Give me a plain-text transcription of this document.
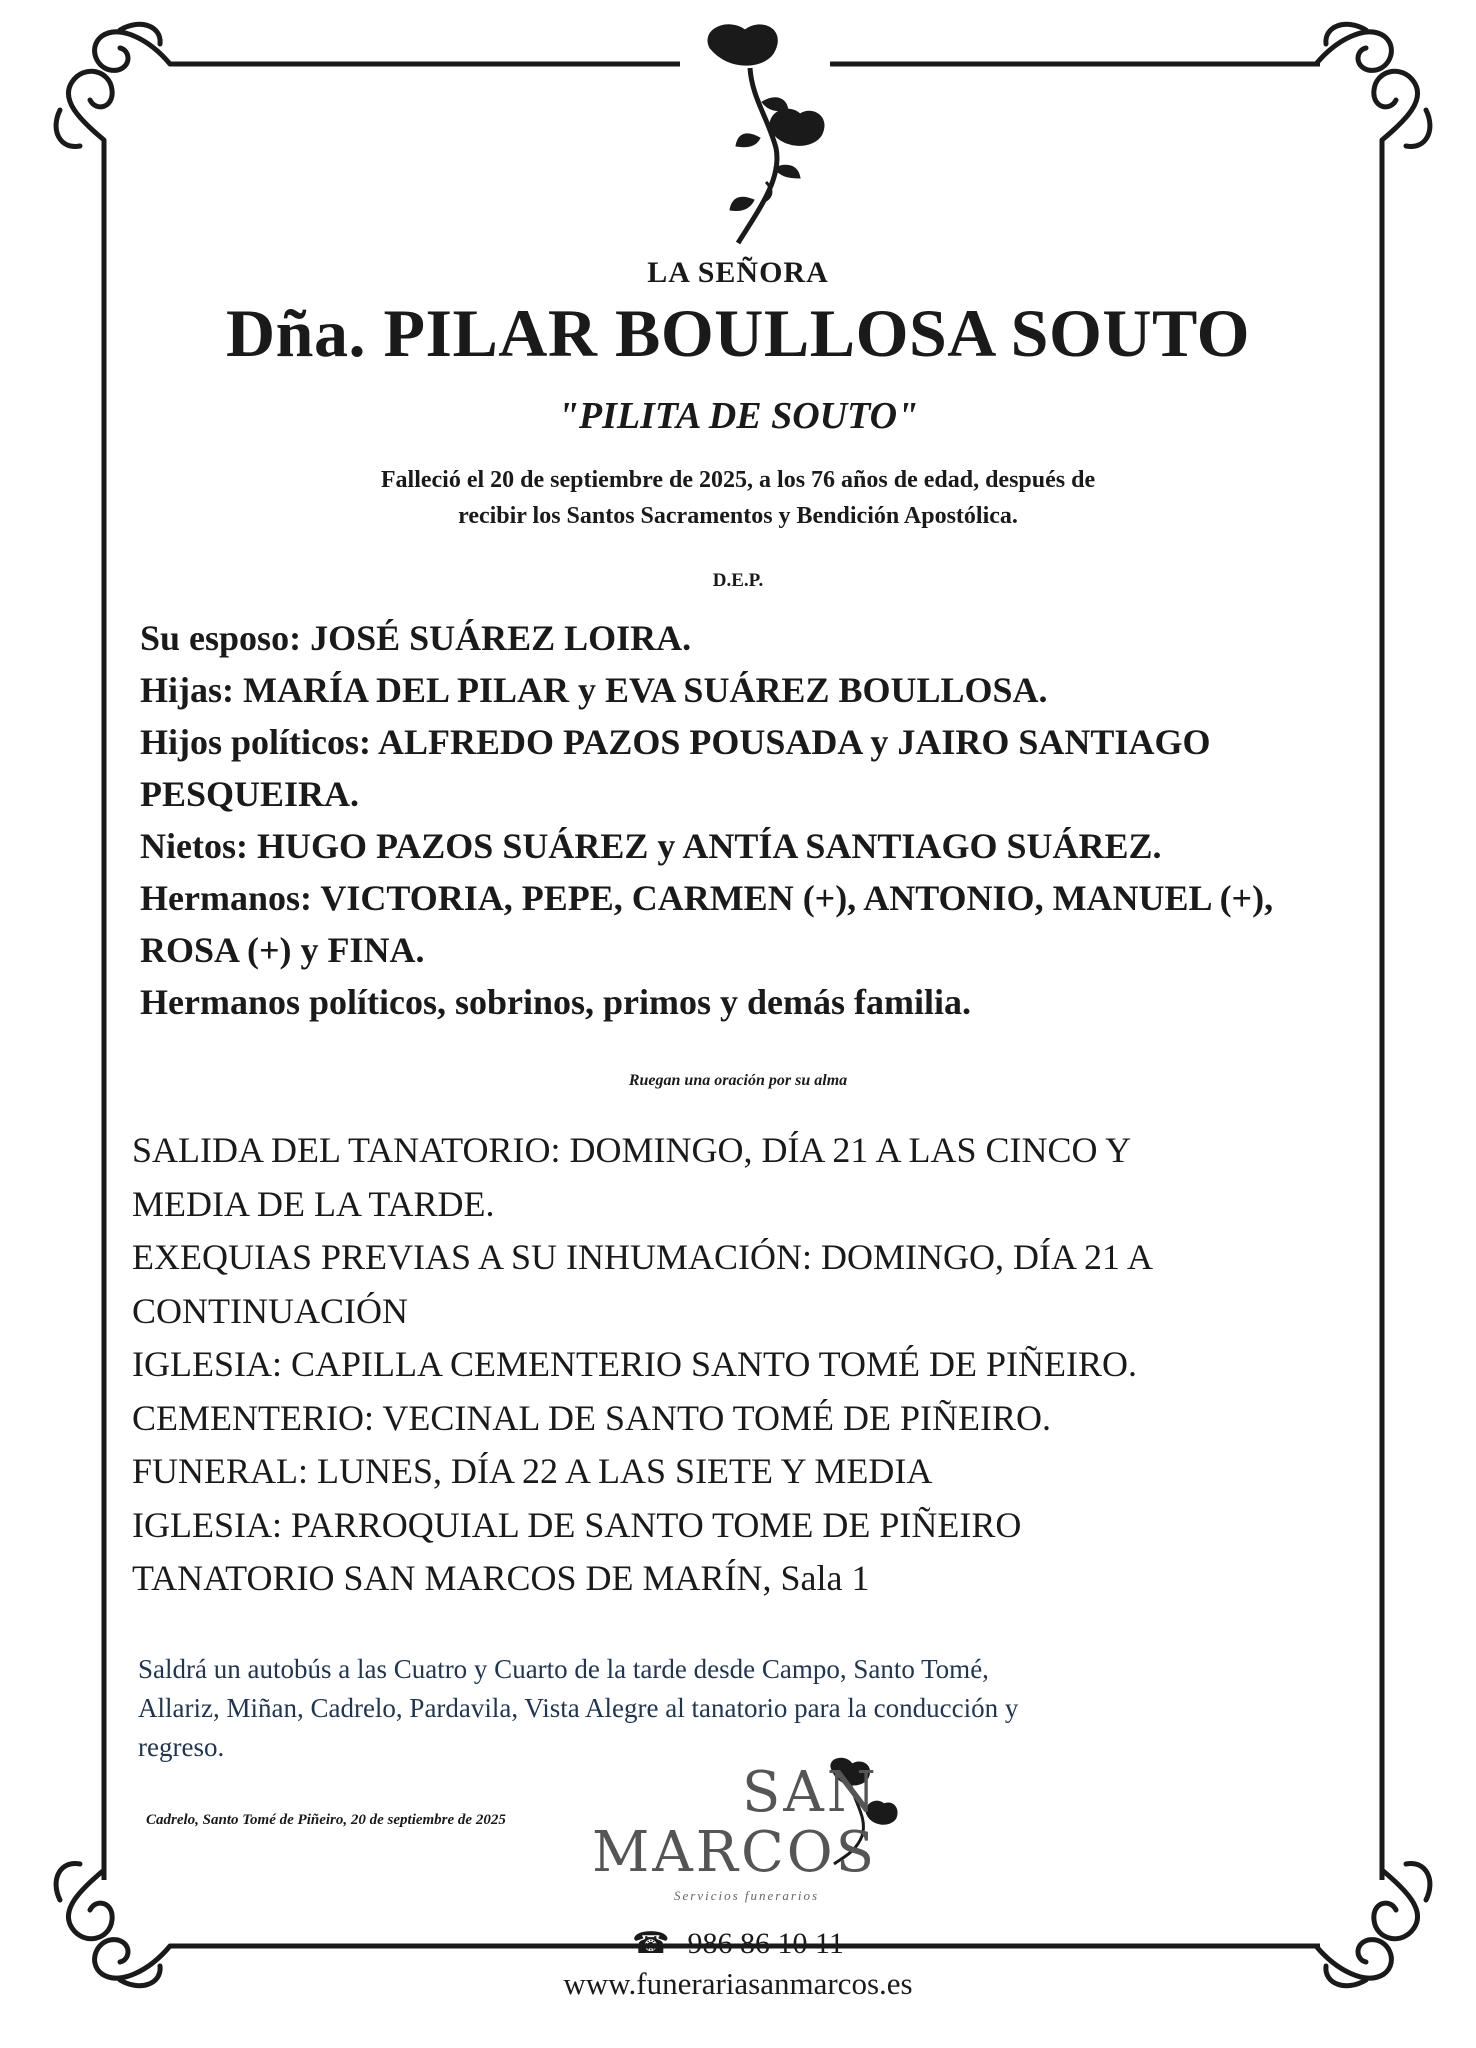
LA SEÑORA
Dña. PILAR BOULLOSA SOUTO
"PILITA DE SOUTO"
Falleció el 20 de septiembre de 2025, a los 76 años de edad, después de
recibir los Santos Sacramentos y Bendición Apostólica.
D.E.P.
Su esposo: JOSÉ SUÁREZ LOIRA.
Hijas: MARÍA DEL PILAR y EVA SUÁREZ BOULLOSA.
Hijos políticos: ALFREDO PAZOS POUSADA y JAIRO SANTIAGO
PESQUEIRA.
Nietos: HUGO PAZOS SUÁREZ y ANTÍA SANTIAGO SUÁREZ.
Hermanos: VICTORIA, PEPE, CARMEN (+), ANTONIO, MANUEL (+),
ROSA (+) y FINA.
Hermanos políticos, sobrinos, primos y demás familia.
Ruegan una oración por su alma
SALIDA DEL TANATORIO: DOMINGO, DÍA 21 A LAS CINCO Y
MEDIA DE LA TARDE.
EXEQUIAS PREVIAS A SU INHUMACIÓN: DOMINGO, DÍA 21 A
CONTINUACIÓN
IGLESIA: CAPILLA CEMENTERIO SANTO TOMÉ DE PIÑEIRO.
CEMENTERIO: VECINAL DE SANTO TOMÉ DE PIÑEIRO.
FUNERAL: LUNES, DÍA 22 A LAS SIETE Y MEDIA
IGLESIA: PARROQUIAL DE SANTO TOME DE PIÑEIRO
TANATORIO SAN MARCOS DE MARÍN, Sala 1
Saldrá un autobús a las Cuatro y Cuarto de la tarde desde Campo, Santo Tomé,
Allariz, Miñan, Cadrelo, Pardavila, Vista Alegre al tanatorio para la conducción y
regreso.
Cadrelo, Santo Tomé de Piñeiro, 20 de septiembre de 2025	SAN
MARCOS
Servicios funerarios
☎ 986 86 10 11
www.funerariasanmarcos.es
